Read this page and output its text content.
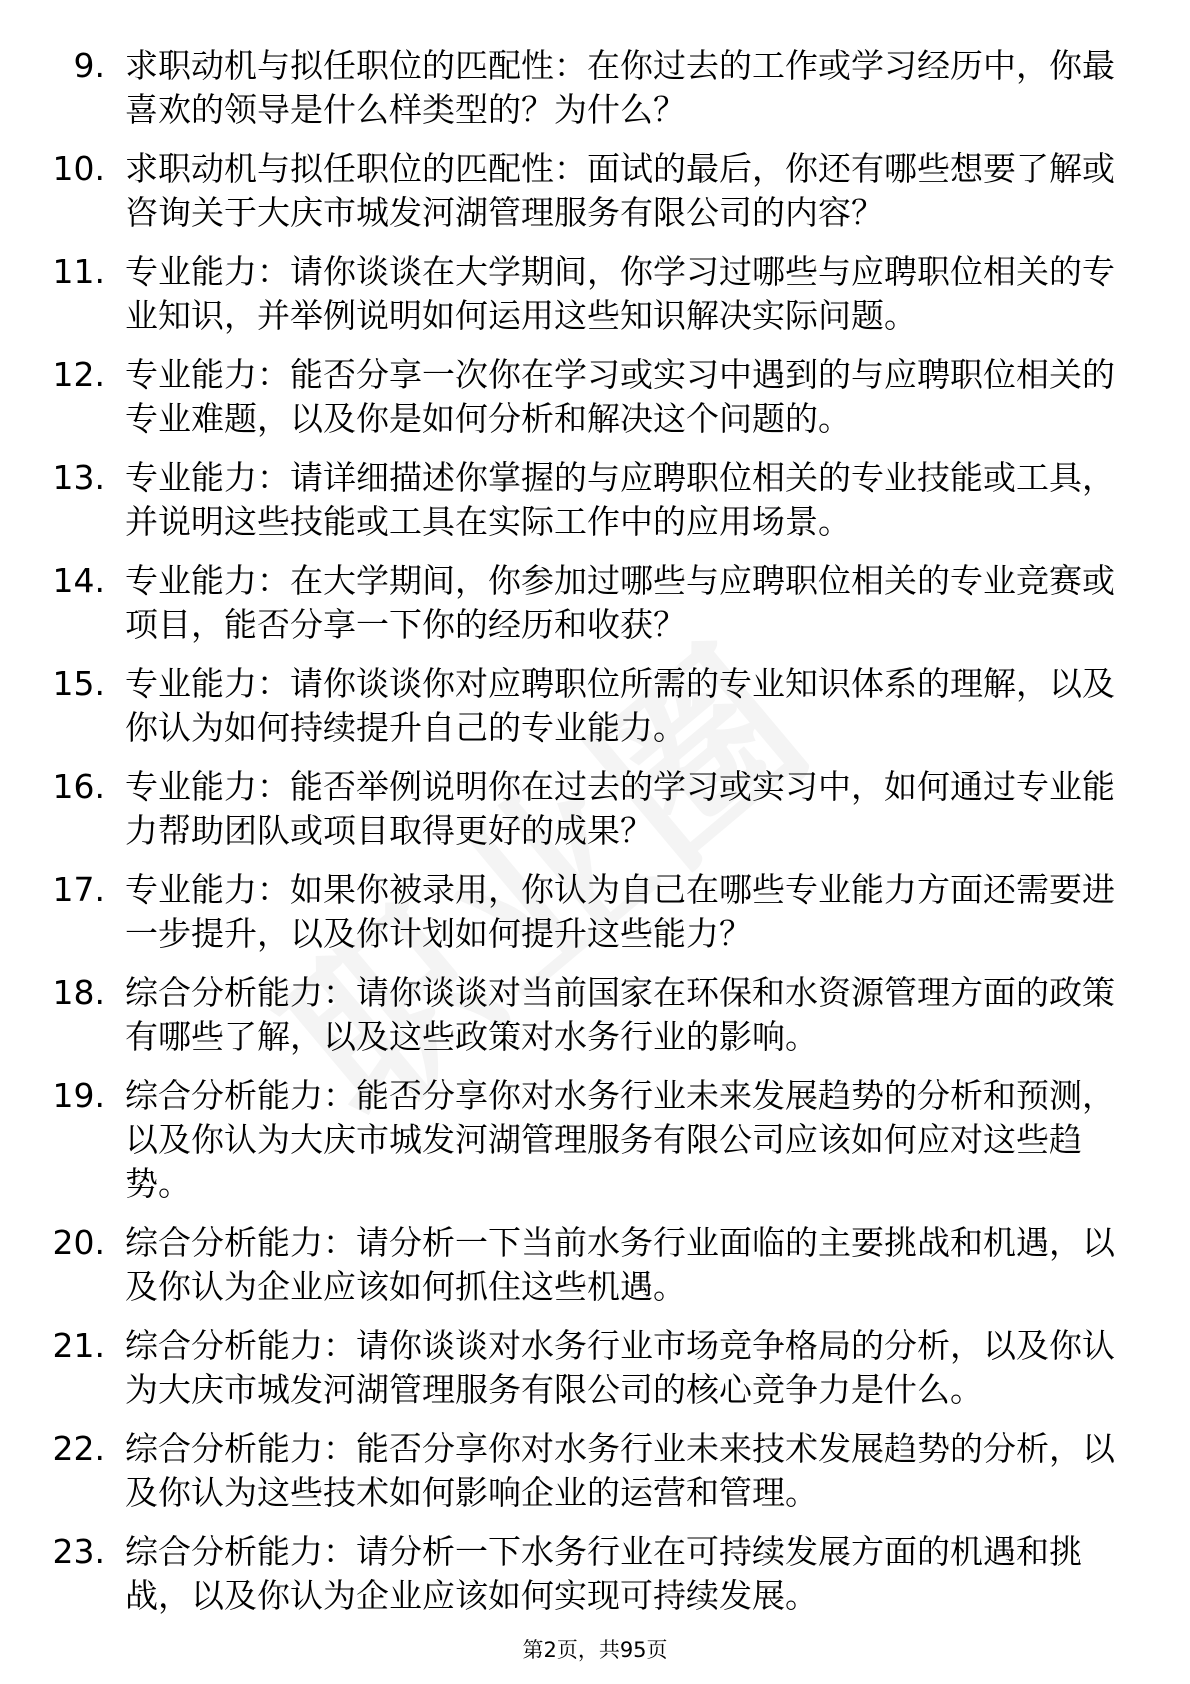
9. 求职动机与拟任职位的匹配性：在你过去的工作或学习经历中，你最喜欢的领导是什么样类型的？为什么？
10. 求职动机与拟任职位的匹配性：面试的最后，你还有哪些想要了解或咨询关于大庆市城发河湖管理服务有限公司的内容？
11. 专业能力：请你谈谈在大学期间，你学习过哪些与应聘职位相关的专业知识，并举例说明如何运用这些知识解决实际问题。
12. 专业能力：能否分享一次你在学习或实习中遇到的与应聘职位相关的专业难题，以及你是如何分析和解决这个问题的。
13. 专业能力：请详细描述你掌握的与应聘职位相关的专业技能或工具，并说明这些技能或工具在实际工作中的应用场景。
14. 专业能力：在大学期间，你参加过哪些与应聘职位相关的专业竞赛或项目，能否分享一下你的经历和收获？
15. 专业能力：请你谈谈你对应聘职位所需的专业知识体系的理解，以及你认为如何持续提升自己的专业能力。
16. 专业能力：能否举例说明你在过去的学习或实习中，如何通过专业能力帮助团队或项目取得更好的成果？
17. 专业能力：如果你被录用，你认为自己在哪些专业能力方面还需要进一步提升，以及你计划如何提升这些能力？
18. 综合分析能力：请你谈谈对当前国家在环保和水资源管理方面的政策有哪些了解，以及这些政策对水务行业的影响。
19. 综合分析能力：能否分享你对水务行业未来发展趋势的分析和预测，以及你认为大庆市城发河湖管理服务有限公司应该如何应对这些趋势。
20. 综合分析能力：请分析一下当前水务行业面临的主要挑战和机遇，以及你认为企业应该如何抓住这些机遇。
21. 综合分析能力：请你谈谈对水务行业市场竞争格局的分析，以及你认为大庆市城发河湖管理服务有限公司的核心竞争力是什么。
22. 综合分析能力：能否分享你对水务行业未来技术发展趋势的分析，以及你认为这些技术如何影响企业的运营和管理。
23. 综合分析能力：请分析一下水务行业在可持续发展方面的机遇和挑战，以及你认为企业应该如何实现可持续发展。
第2页，共95页
